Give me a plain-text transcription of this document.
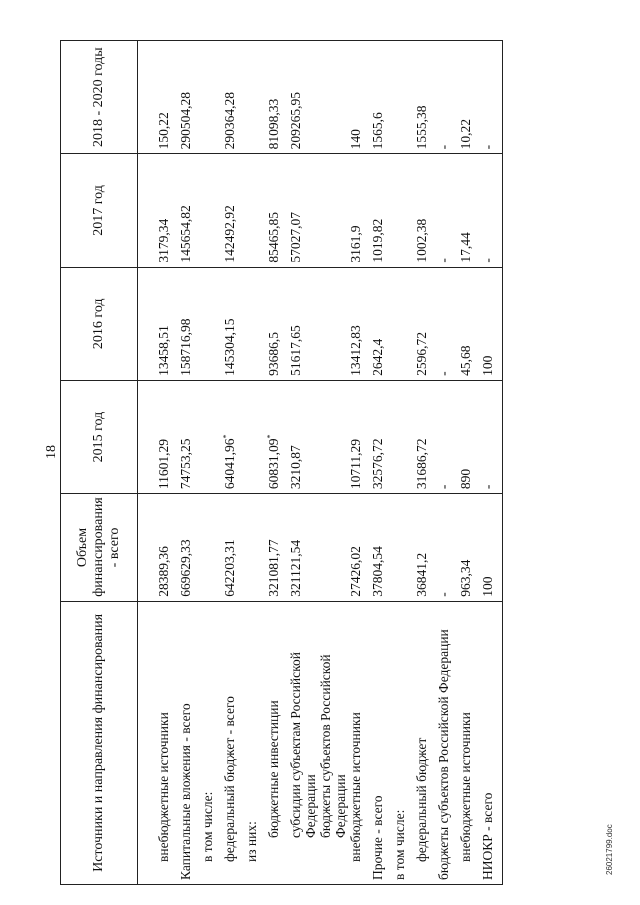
18
Источники и направления финансирования	Объем финансирования - всего	2015 год	2016 год	2017 год	2018 - 2020 годы
внебюджетные источники	28389,36	11601,29	13458,51	3179,34	150,22
Капитальные вложения - всего	669629,33	74753,25	158716,98	145654,82	290504,28
в том числе:					
федеральный бюджет - всего	642203,31	64041,96*	145304,15	142492,92	290364,28
из них:					
бюджетные инвестиции	321081,77	60831,09*	93686,5	85465,85	81098,33
субсидии субъектам Российской Федерации	321121,54	3210,87	51617,65	57027,07	209265,95
бюджеты субъектов Российской Федерации					
внебюджетные источники	27426,02	10711,29	13412,83	3161,9	140
Прочие - всего	37804,54	32576,72	2642,4	1019,82	1565,6
в том числе:					
федеральный бюджет	36841,2	31686,72	2596,72	1002,38	1555,38
бюджеты субъектов Российской Федерации	-	-	-	-	-
внебюджетные источники	963,34	890	45,68	17,44	10,22
НИОКР - всего	100	-	100	-	-
26021799.doc
